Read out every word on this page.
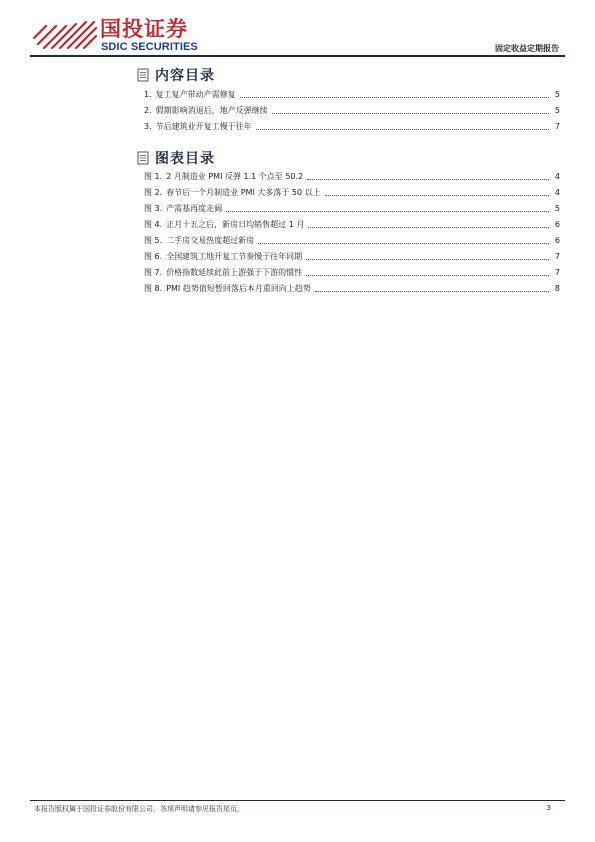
国投证券
SDIC SECURITIES	固定收益定期报告
内容目录
1. 复工复产带动产需修复	5
2. 假期影响消退后，地产反弹继续	5
3. 节后建筑业开复工慢于往年	7
图表目录
图 1. 2 月制造业 PMI 反弹 1.1 个点至 50.2	4
图 2. 春节后一个月制造业 PMI 大多落于 50 以上	4
图 3. 产需基再度走阔	5
图 4. 正月十五之后，新房日均销售超过 1 月	6
图 5. 二手房交易热度超过新房	6
图 6. 全国建筑工地开复工节奏慢于往年同期	7
图 7. 价格指数延续此前上游强于下游的惯性	7
图 8. PMI 趋势值短暂回落后本月重回向上趋势	8
本报告版权属于国投证券股份有限公司，各项声明请参见报告尾页。	3
